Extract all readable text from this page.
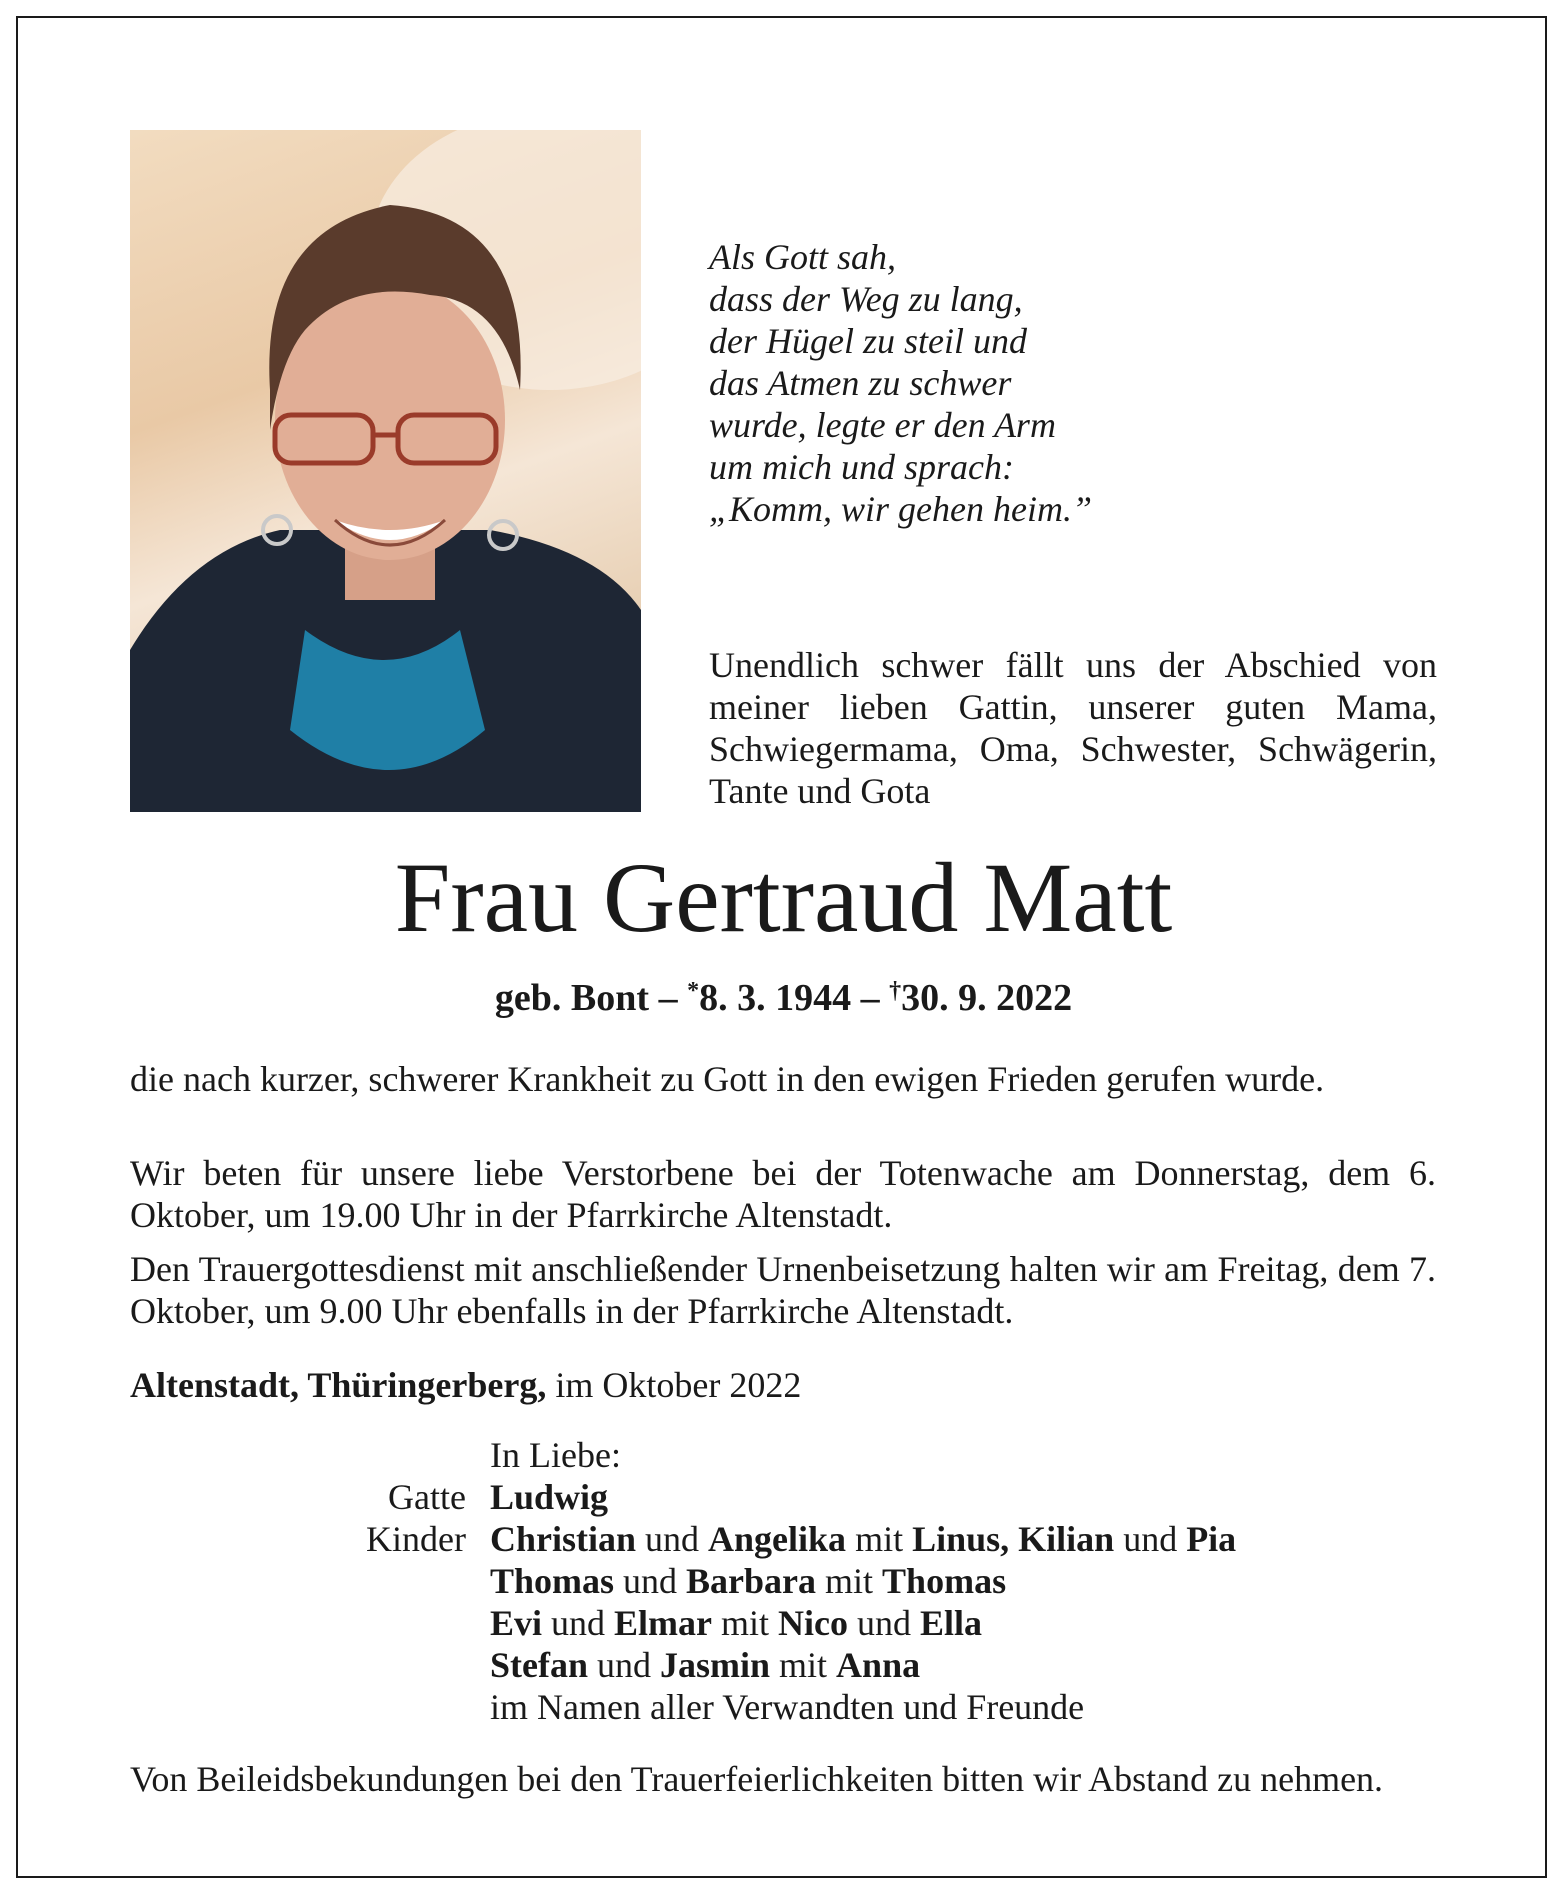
Als Gott sah,
dass der Weg zu lang,
der Hügel zu steil und
das Atmen zu schwer
wurde, legte er den Arm
um mich und sprach:
„Komm, wir gehen heim.”
Unendlich schwer fällt uns der Abschied von meiner lieben Gattin, unserer guten Mama, Schwiegermama, Oma, Schwester, Schwägerin, Tante und Gota
Frau Gertraud Matt
geb. Bont – *8. 3. 1944 – †30. 9. 2022
die nach kurzer, schwerer Krankheit zu Gott in den ewigen Frieden gerufen wurde.
Wir beten für unsere liebe Verstorbene bei der Totenwache am Donnerstag, dem 6. Oktober, um 19.00 Uhr in der Pfarrkirche Altenstadt.
Den Trauergottesdienst mit anschließender Urnenbeisetzung halten wir am Freitag, dem 7. Oktober, um 9.00 Uhr ebenfalls in der Pfarrkirche Altenstadt.
Altenstadt, Thüringerberg, im Oktober 2022
In Liebe:
Gatte Ludwig
Kinder Christian und Angelika mit Linus, Kilian und Pia
Thomas und Barbara mit Thomas
Evi und Elmar mit Nico und Ella
Stefan und Jasmin mit Anna
im Namen aller Verwandten und Freunde
Von Beileidsbekundungen bei den Trauerfeierlichkeiten bitten wir Abstand zu nehmen.
